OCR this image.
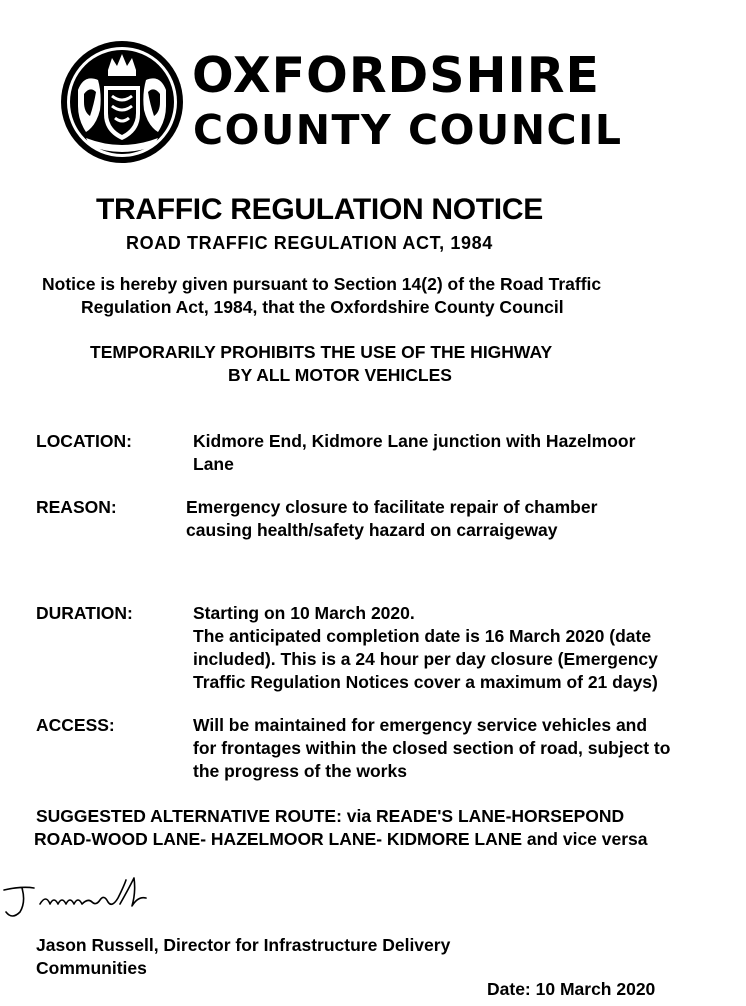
OXFORDSHIRE
COUNTY COUNCIL
TRAFFIC REGULATION NOTICE
ROAD TRAFFIC REGULATION ACT, 1984
Notice is hereby given pursuant to Section 14(2) of the Road Traffic
Regulation Act, 1984, that the Oxfordshire County Council
TEMPORARILY PROHIBITS THE USE OF THE HIGHWAY
BY ALL MOTOR VEHICLES
LOCATION:	Kidmore End, Kidmore Lane junction with Hazelmoor
Lane
REASON:	Emergency closure to facilitate repair of chamber
causing health/safety hazard on carraigeway
DURATION:	Starting on 10 March 2020.
The anticipated completion date is 16 March 2020 (date
included). This is a 24 hour per day closure (Emergency
Traffic Regulation Notices cover a maximum of 21 days)
ACCESS:	Will be maintained for emergency service vehicles and
for frontages within the closed section of road, subject to
the progress of the works
SUGGESTED ALTERNATIVE ROUTE: via READE'S LANE-HORSEPOND
ROAD-WOOD LANE- HAZELMOOR LANE- KIDMORE LANE and vice versa
Jason Russell, Director for Infrastructure Delivery
Communities
Date: 10 March 2020
